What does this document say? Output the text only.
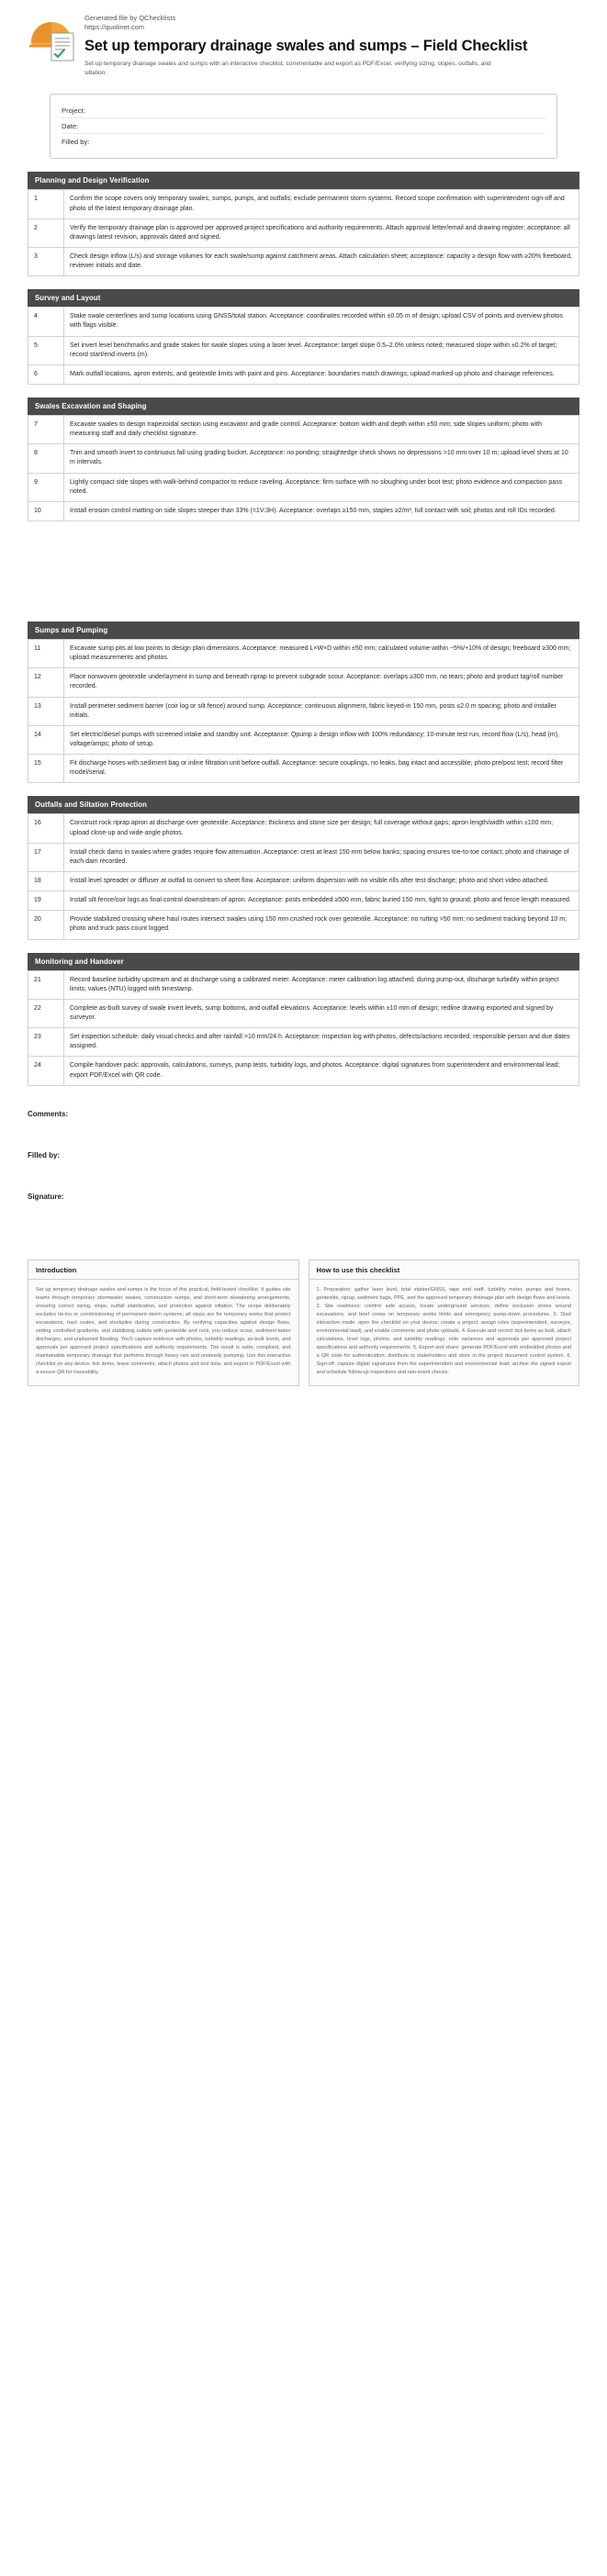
Generated file by QChecklists
https://quolinet.com
Set up temporary drainage swales and sumps – Field Checklist
Set up temporary drainage swales and sumps with an interactive checklist, commentable and export as PDF/Excel, verifying sizing, slopes, outfalls, and siltation.
Project:
Date:
Filled by:
Planning and Design Verification
1	Confirm the scope covers only temporary swales, sumps, pumps, and outfalls; exclude permanent storm systems. Record scope confirmation with superintendent sign-off and photo of the latest temporary drainage plan.
2	Verify the temporary drainage plan is approved per approved project specifications and authority requirements. Attach approval letter/email and drawing register; acceptance: all drawings latest revision, approvals dated and signed.
3	Check design inflow (L/s) and storage volumes for each swale/sump against catchment areas. Attach calculation sheet; acceptance: capacity ≥ design flow with ≥20% freeboard, reviewer initials and date.
Survey and Layout
4	Stake swale centerlines and sump locations using GNSS/total station. Acceptance: coordinates recorded within ±0.05 m of design; upload CSV of points and overview photos with flags visible.
5	Set invert level benchmarks and grade stakes for swale slopes using a laser level. Acceptance: target slope 0.5–2.0% unless noted; measured slope within ±0.2% of target; record start/end inverts (m).
6	Mark outfall locations, apron extents, and geotextile limits with paint and pins. Acceptance: boundaries match drawings; upload marked-up photo and chainage references.
Swales Excavation and Shaping
7	Excavate swales to design trapezoidal section using excavator and grade control. Acceptance: bottom width and depth within ±50 mm; side slopes uniform; photo with measuring staff and daily checklist signature.
8	Trim and smooth invert to continuous fall using grading bucket. Acceptance: no ponding; straightedge check shows no depressions >10 mm over 10 m; upload level shots at 10 m intervals.
9	Lightly compact side slopes with walk-behind compactor to reduce raveling. Acceptance: firm surface with no sloughing under boot test; photo evidence and compaction pass noted.
10	Install erosion control matting on side slopes steeper than 33% (=1V:3H). Acceptance: overlaps ≥150 mm, staples ≥2/m², full contact with soil; photos and roll IDs recorded.
Sumps and Pumping
11	Excavate sump pits at low points to design plan dimensions. Acceptance: measured L×W×D within ±50 mm; calculated volume within −5%/+10% of design; freeboard ≥300 mm; upload measurements and photos.
12	Place nonwoven geotextile underlayment in sump and beneath riprap to prevent subgrade scour. Acceptance: overlaps ≥300 mm, no tears; photo and product tag/roll number recorded.
13	Install perimeter sediment barrier (coir log or silt fence) around sump. Acceptance: continuous alignment, fabric keyed-in 150 mm, posts ≤2.0 m spacing; photo and installer initials.
14	Set electric/diesel pumps with screened intake and standby unit. Acceptance: Qpump ≥ design inflow with 100% redundancy; 10-minute test run, record flow (L/s), head (m), voltage/amps; photo of setup.
15	Fit discharge hoses with sediment bag or inline filtration unit before outfall. Acceptance: secure couplings, no leaks, bag intact and accessible; photo pre/post test; record filter model/serial.
Outfalls and Siltation Protection
16	Construct rock riprap apron at discharge over geotextile. Acceptance: thickness and stone size per design; full coverage without gaps; apron length/width within ±100 mm; upload close-up and wide-angle photos.
17	Install check dams in swales where grades require flow attenuation. Acceptance: crest at least 150 mm below banks; spacing ensures toe-to-toe contact; photo and chainage of each dam recorded.
18	Install level spreader or diffuser at outfall to convert to sheet flow. Acceptance: uniform dispersion with no visible rills after test discharge; photo and short video attached.
19	Install silt fence/coir logs as final control downstream of apron. Acceptance: posts embedded ≥500 mm, fabric buried 150 mm, tight to ground; photo and fence length measured.
20	Provide stabilized crossing where haul routes intersect swales using 150 mm crushed rock over geotextile. Acceptance: no rutting >50 mm; no sediment tracking beyond 10 m; photo and truck pass count logged.
Monitoring and Handover
21	Record baseline turbidity upstream and at discharge using a calibrated meter. Acceptance: meter calibration log attached; during pump-out, discharge turbidity within project limits; values (NTU) logged with timestamp.
22	Complete as-built survey of swale invert levels, sump bottoms, and outfall elevations. Acceptance: levels within ±10 mm of design; redline drawing exported and signed by surveyor.
23	Set inspection schedule: daily visual checks and after rainfall >10 mm/24 h. Acceptance: inspection log with photos, defects/actions recorded, responsible person and due dates assigned.
24	Compile handover pack: approvals, calculations, surveys, pump tests, turbidity logs, and photos. Acceptance: digital signatures from superintendent and environmental lead; export PDF/Excel with QR code.
Comments:
Filled by:
Signature:
Introduction
Set up temporary drainage swales and sumps is the focus of this practical, field-tested checklist. It guides site teams through temporary stormwater swales, construction sumps, and short-term dewatering arrangements, ensuring correct sizing, slope, outfall stabilization, and protection against siltation. The scope deliberately excludes tie-ins or commissioning of permanent storm systems; all steps are for temporary works that protect excavations, haul routes, and stockpiles during construction. By verifying capacities against design flows, setting controlled gradients, and stabilizing outlets with geotextile and rock, you reduce scour, sediment-laden discharges, and unplanned flooding. You'll capture evidence with photos, turbidity readings, as-built levels, and approvals per approved project specifications and authority requirements. The result is safer, compliant, and maintainable temporary drainage that performs through heavy rain and unsteady pumping. Use this interactive checklist on any device: tick items, leave comments, attach photos and test data, and export to PDF/Excel with a secure QR for traceability.
How to use this checklist
1. Preparation: gather laser level, total station/GNSS, tape and staff, turbidity meter, pumps and hoses, geotextile, riprap, sediment bags, PPE, and the approved temporary drainage plan with design flows and levels. 2. Site readiness: confirm safe access, locate underground services, define exclusion zones around excavations, and brief crews on temporary works limits and emergency pump-down procedures. 3. Start interactive mode: open the checklist on your device; create a project, assign roles (superintendent, surveyor, environmental lead), and enable comments and photo uploads. 4. Execute and record: tick items as built, attach calculations, level logs, photos, and turbidity readings; note variances and approvals per approved project specifications and authority requirements. 5. Export and share: generate PDF/Excel with embedded photos and a QR code for authentication; distribute to stakeholders and store in the project document control system. 6. Sign-off: capture digital signatures from the superintendent and environmental lead; archive the signed export and schedule follow-up inspections and rain-event checks.
